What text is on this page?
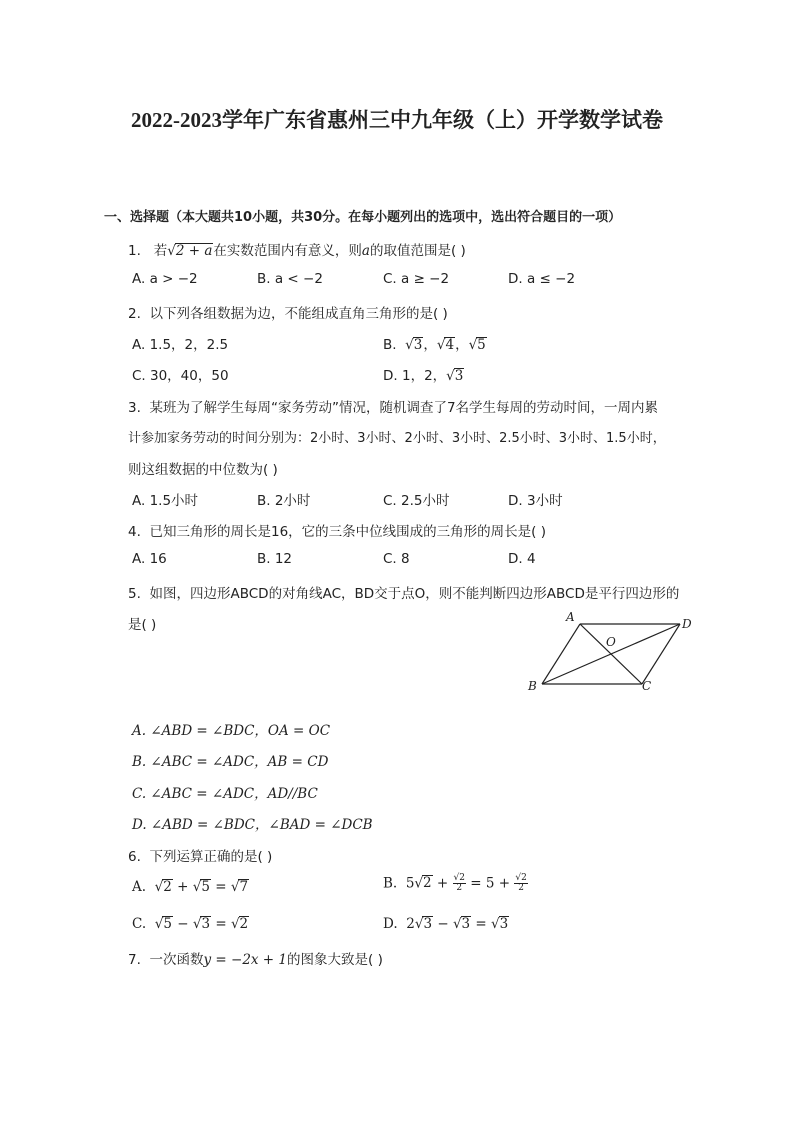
2022-2023学年广东省惠州三中九年级（上）开学数学试卷
一、选择题（本大题共10小题，共30分。在每小题列出的选项中，选出符合题目的一项）
1. 若√2 + a在实数范围内有意义，则a的取值范围是( )
A. a > −2	B. a < −2	C. a ≥ −2	D. a ≤ −2
2. 以下列各组数据为边，不能组成直角三角形的是( )
A. 1.5，2，2.5	B. √3，√4，√5
C. 30，40，50	D. 1，2，√3
3. 某班为了解学生每周“家务劳动”情况，随机调查了7名学生每周的劳动时间，一周内累
计参加家务劳动的时间分别为：2小时、3小时、2小时、3小时、2.5小时、3小时、1.5小时，
则这组数据的中位数为( )
A. 1.5小时	B. 2小时	C. 2.5小时	D. 3小时
4. 已知三角形的周长是16，它的三条中位线围成的三角形的周长是( )
A. 16	B. 12	C. 8	D. 4
5. 如图，四边形ABCD的对角线AC，BD交于点O，则不能判断四边形ABCD是平行四边形的
是( )	A	D
O
B	C
A. ∠ABD = ∠BDC，OA = OC
B. ∠ABC = ∠ADC，AB = CD
C. ∠ABC = ∠ADC，AD//BC
D. ∠ABD = ∠BDC，∠BAD = ∠DCB
6. 下列运算正确的是( )
A.  √2 + √5 = √7	B. $5√2 + \frac{√2}{2} = 5 + \frac{√2}{2}$
C.  √5 − √3 = √2	D. 2√3 − √3 = √3
7. 一次函数y = −2x + 1的图象大致是( )
